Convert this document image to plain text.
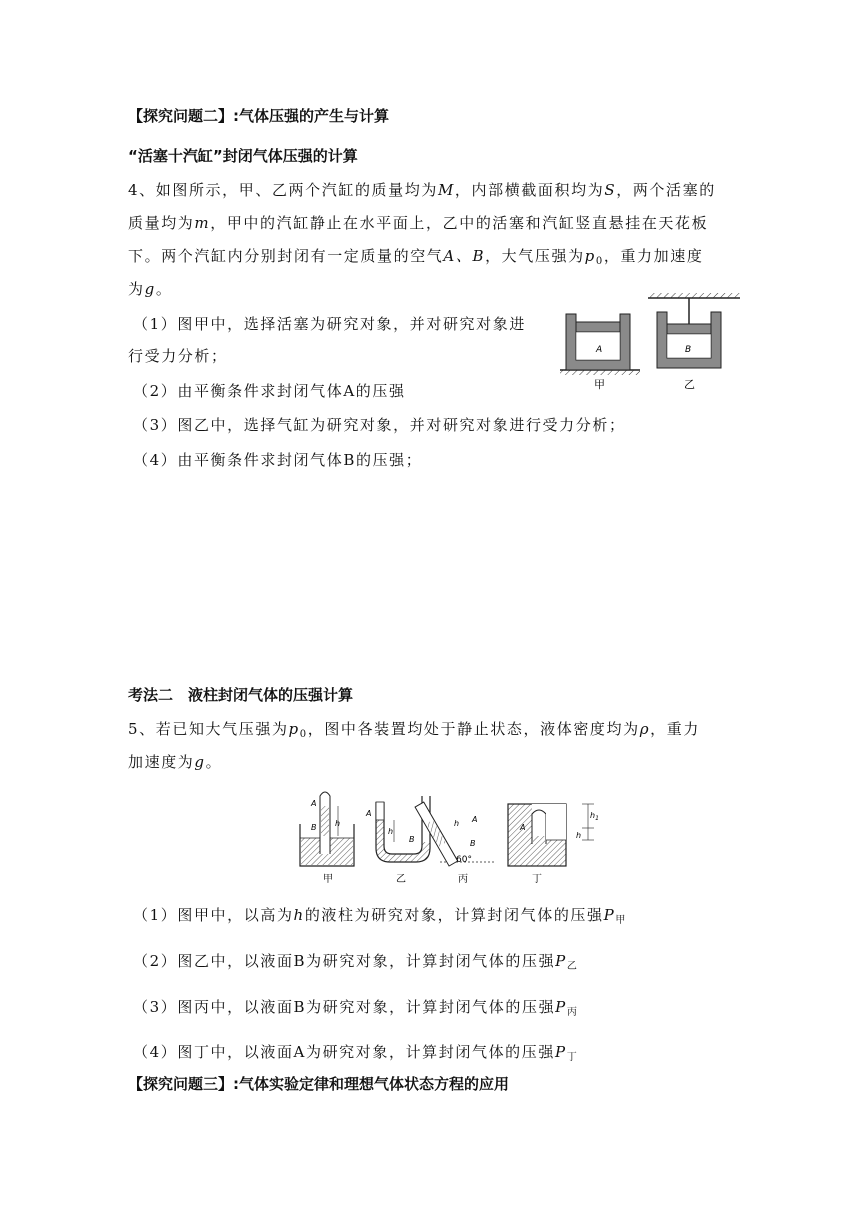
【探究问题二】:气体压强的产生与计算
“活塞十汽缸”封闭气体压强的计算
4、如图所示，甲、乙两个汽缸的质量均为M，内部横截面积均为S，两个活塞的
质量均为m，甲中的汽缸静止在水平面上，乙中的活塞和汽缸竖直悬挂在天花板
下。两个汽缸内分别封闭有一定质量的空气A、B，大气压强为$p_0$，重力加速度
为g。
（1）图甲中，选择活塞为研究对象，并对研究对象进
行受力分析；
（2）由平衡条件求封闭气体A的压强
（3）图乙中，选择气缸为研究对象，并对研究对象进行受力分析；
（4）由平衡条件求封闭气体B的压强；
A
甲
B
乙
考法二　液柱封闭气体的压强计算
5、若已知大气压强为$p_0$，图中各装置均处于静止状态，液体密度均为ρ，重力
加速度为g。
A
B h
甲
A
B
h
乙
A
B
h
60°
丙
A
$h_1$
h
丁
（1）图甲中，以高为h的液柱为研究对象，计算封闭气体的压强$P_甲$
（2）图乙中，以液面B为研究对象，计算封闭气体的压强$P_乙$
（3）图丙中，以液面B为研究对象，计算封闭气体的压强$P_丙$
（4）图丁中，以液面A为研究对象，计算封闭气体的压强$P_丁$
【探究问题三】:气体实验定律和理想气体状态方程的应用
